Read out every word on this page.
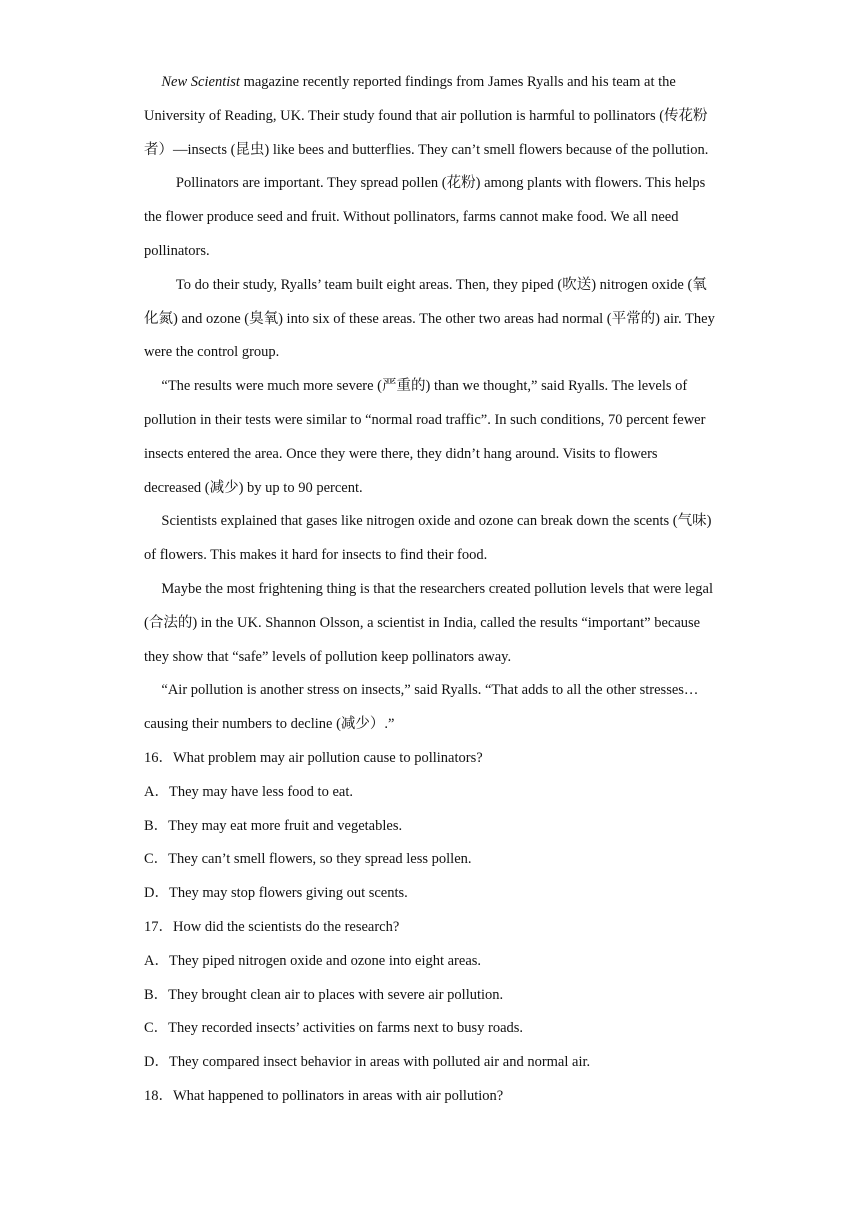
New Scientist magazine recently reported findings from James Ryalls and his team at the University of Reading, UK. Their study found that air pollution is harmful to pollinators (传花粉者）—insects (昆虫) like bees and butterflies. They can’t smell flowers because of the pollution.

Pollinators are important. They spread pollen (花粉) among plants with flowers. This helps the flower produce seed and fruit. Without pollinators, farms cannot make food. We all need pollinators.

To do their study, Ryalls’ team built eight areas. Then, they piped (吹送) nitrogen oxide (氧化氮) and ozone (臭氧) into six of these areas. The other two areas had normal (平常的) air. They were the control group.

“The results were much more severe (严重的) than we thought,” said Ryalls. The levels of pollution in their tests were similar to “normal road traffic”. In such conditions, 70 percent fewer insects entered the area. Once they were there, they didn’t hang around. Visits to flowers decreased (减少) by up to 90 percent.

Scientists explained that gases like nitrogen oxide and ozone can break down the scents (气味) of flowers. This makes it hard for insects to find their food.

Maybe the most frightening thing is that the researchers created pollution levels that were legal (合法的) in the UK. Shannon Olsson, a scientist in India, called the results “important” because they show that “safe” levels of pollution keep pollinators away.

“Air pollution is another stress on insects,” said Ryalls. “That adds to all the other stresses…causing their numbers to decline (减少）.”

16．What problem may air pollution cause to pollinators?

A．They may have less food to eat.

B．They may eat more fruit and vegetables.

C．They can’t smell flowers, so they spread less pollen.

D．They may stop flowers giving out scents.

17．How did the scientists do the research?

A．They piped nitrogen oxide and ozone into eight areas.

B．They brought clean air to places with severe air pollution.

C．They recorded insects’ activities on farms next to busy roads.

D．They compared insect behavior in areas with polluted air and normal air.

18．What happened to pollinators in areas with air pollution?
